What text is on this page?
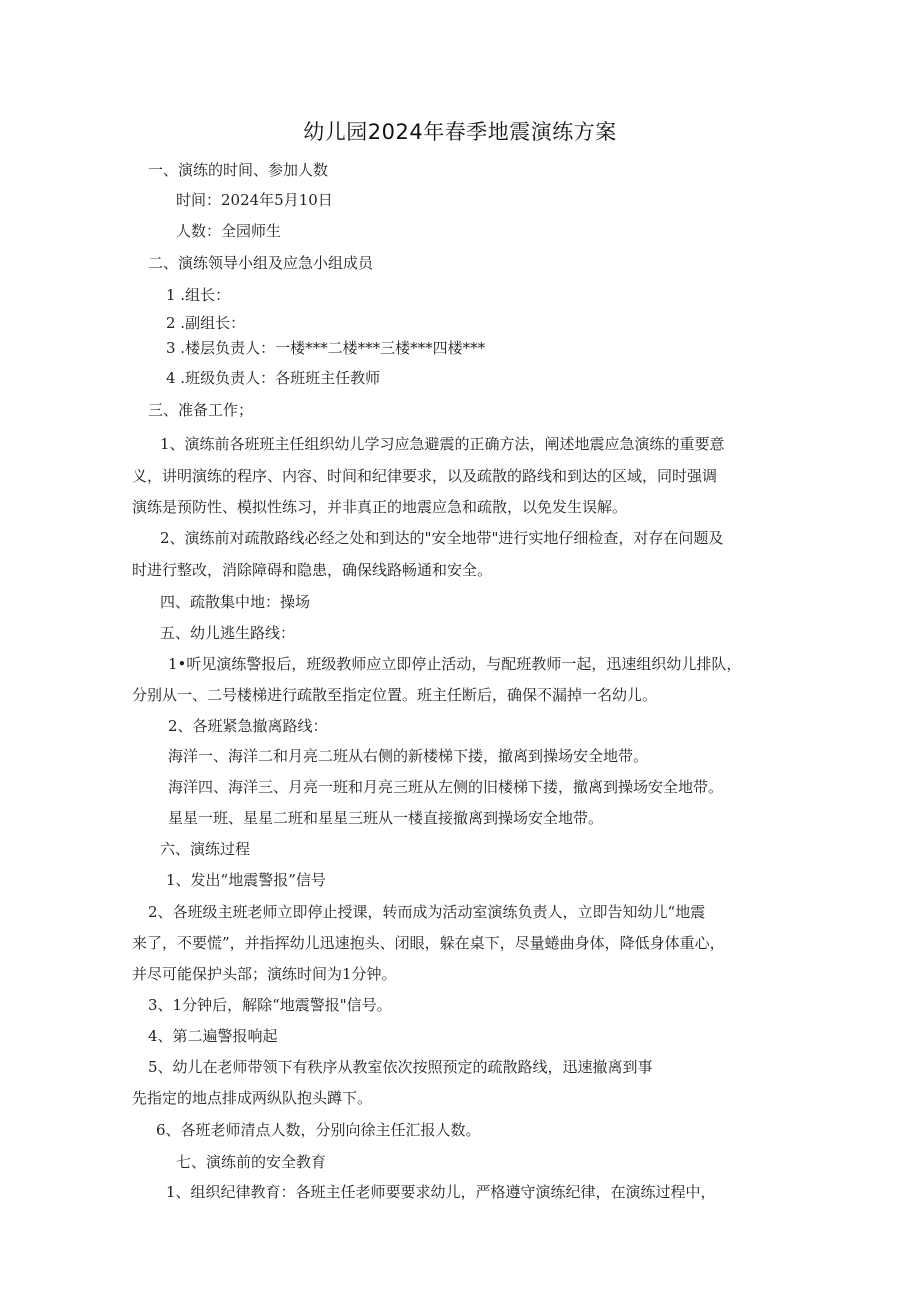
幼儿园2024年春季地震演练方案
一、演练的时间、参加人数
时间：2024年5月10日
人数：全园师生
二、演练领导小组及应急小组成员
1 .组长：
2 .副组长：
3 .楼层负责人：一楼***二楼***三楼***四楼***
4 .班级负责人：各班班主任教师
三、准备工作；
1、演练前各班班主任组织幼儿学习应急避震的正确方法，阐述地震应急演练的重要意
义，讲明演练的程序、内容、时间和纪律要求，以及疏散的路线和到达的区域，同时强调
演练是预防性、模拟性练习，并非真正的地震应急和疏散，以免发生误解。
2、演练前对疏散路线必经之处和到达的"安全地带"进行实地仔细检查，对存在问题及
时进行整改，消除障碍和隐患，确保线路畅通和安全。
四、疏散集中地：操场
五、幼儿逃生路线：
1•听见演练警报后，班级教师应立即停止活动，与配班教师一起，迅速组织幼儿排队，
分别从一、二号楼梯进行疏散至指定位置。班主任断后，确保不漏掉一名幼儿。
2、各班紧急撤离路线：
海洋一、海洋二和月亮二班从右侧的新楼梯下搂，撤离到操场安全地带。
海洋四、海洋三、月亮一班和月亮三班从左侧的旧楼梯下搂，撤离到操场安全地带。
星星一班、星星二班和星星三班从一楼直接撤离到操场安全地带。
六、演练过程
1、发出“地震警报”信号
2、各班级主班老师立即停止授课，转而成为活动室演练负责人，立即告知幼儿“地震
来了，不要慌”，并指挥幼儿迅速抱头、闭眼，躲在桌下，尽量蜷曲身体，降低身体重心，
并尽可能保护头部；演练时间为1分钟。
3、1分钟后，解除“地震警报"信号。
4、第二遍警报响起
5、幼儿在老师带领下有秩序从教室依次按照预定的疏散路线，迅速撤离到事
先指定的地点排成两纵队抱头蹲下。
6、各班老师清点人数，分别向徐主任汇报人数。
七、演练前的安全教育
1、组织纪律教育：各班主任老师要要求幼儿，严格遵守演练纪律，在演练过程中，
